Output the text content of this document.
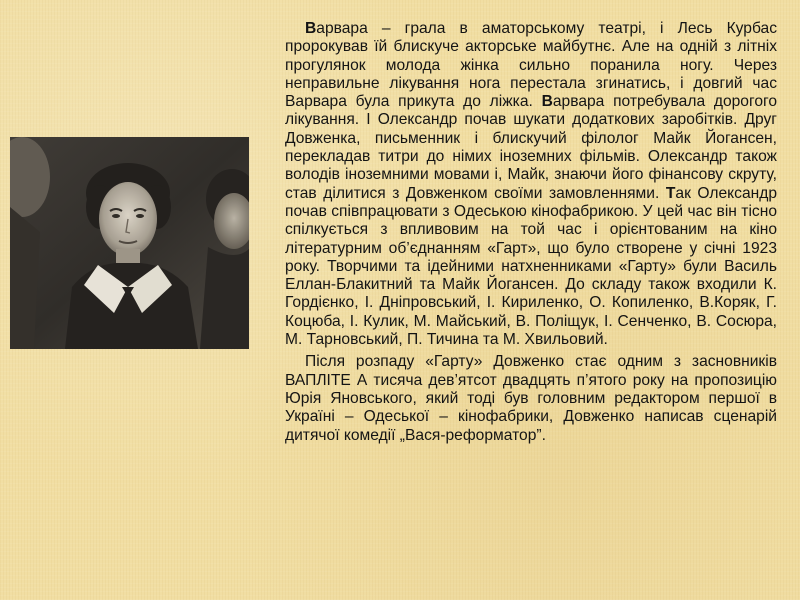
Варвара – грала в аматорському театрі, і Лесь Курбас пророкував їй блискуче акторське майбутнє. Але на одній з літніх прогулянок молода жінка сильно поранила ногу. Через неправильне лікування нога перестала згинатись, і довгий час Варвара була прикута до ліжка. Варвара потребувала дорогого лікування. І Олександр почав шукати додаткових заробітків. Друг Довженка, письменник і блискучий філолог Майк Йогансен, перекладав титри до німих іноземних фільмів. Олександр також володів іноземними мовами і, Майк, знаючи його фінансову скруту, став ділитися з Довженком своїми замовленнями. Так Олександр почав співпрацювати з Одеською кінофабрикою. У цей час він тісно спілкується з впливовим на той час і орієнтованим на кіно літературним об’єднанням «Гарт», що було створене у січні 1923 року. Творчими та ідейними натхненниками «Гарту» були Василь Еллан-Блакитний та Майк Йогансен. До складу також входили К. Гордієнко, І. Дніпровський, І. Кириленко, О. Копиленко, В.Коряк, Г. Коцюба, І. Кулик, М. Майський, В. Поліщук, І. Сенченко, В. Сосюра, М. Тарновський, П. Тичина та М. Хвильовий.

Після розпаду «Гарту» Довженко стає одним з засновників ВАПЛІТЕ А тисяча дев’ятсот двадцять п’ятого року на пропозицію Юрія Яновського, який тоді був головним редактором першої в Україні – Одеської – кінофабрики, Довженко написав сценарій дитячої комедії „Вася-реформатор”.
